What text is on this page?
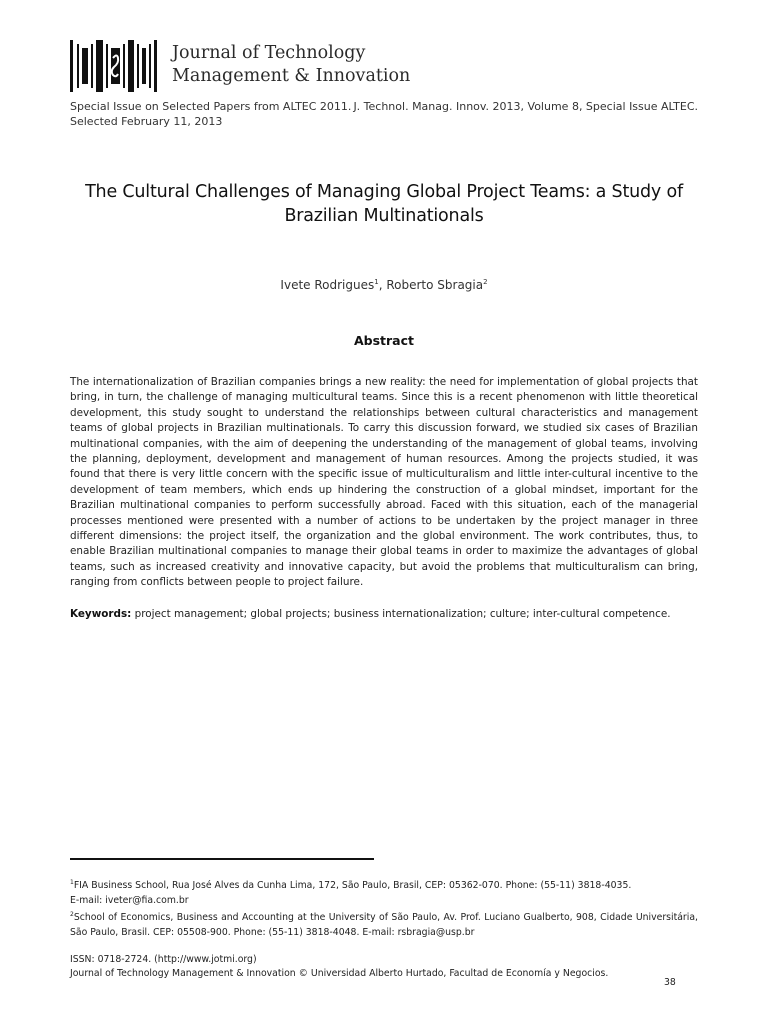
Journal of Technology
Management & Innovation
Special Issue on Selected Papers from ALTEC 2011.
Selected February 11, 2013
J. Technol. Manag. Innov. 2013, Volume 8, Special Issue ALTEC.
The Cultural Challenges of Managing Global Project Teams: a Study of
Brazilian Multinationals
Ivete Rodrigues$^1$, Roberto Sbragia$^2$
Abstract
The internationalization of Brazilian companies brings a new reality: the need for implementation of global projects that bring, in turn, the challenge of managing multicultural teams. Since this is a recent phenomenon with little theoretical development, this study sought to understand the relationships between cultural characteristics and management teams of global projects in Brazilian multinationals. To carry this discussion forward, we studied six cases of Brazilian multinational companies, with the aim of deepening the understanding of the management of global teams, involving the planning, deployment, development and management of human resources. Among the projects studied, it was found that there is very little concern with the specific issue of multiculturalism and little inter-cultural incentive to the development of team members, which ends up hindering the construction of a global mindset, important for the Brazilian multinational companies to perform successfully abroad. Faced with this situation, each of the managerial processes mentioned were presented with a number of actions to be undertaken by the project manager in three different dimensions: the project itself, the organization and the global environment. The work contributes, thus, to enable Brazilian multinational companies to manage their global teams in order to maximize the advantages of global teams, such as increased creativity and innovative capacity, but avoid the problems that multiculturalism can bring, ranging from conflicts between people to project failure.
Keywords: project management; global projects; business internationalization; culture; inter-cultural competence.
$^1$FIA Business School, Rua José Alves da Cunha Lima, 172, São Paulo, Brasil, CEP: 05362-070. Phone: (55-11) 3818-4035.
E-mail: iveter@fia.com.br
$^2$School of Economics, Business and Accounting at the University of São Paulo, Av. Prof. Luciano Gualberto, 908, Cidade Universitária, São Paulo, Brasil. CEP: 05508-900. Phone: (55-11) 3818-4048. E-mail: rsbragia@usp.br
ISSN: 0718-2724. (http://www.jotmi.org)
Journal of Technology Management & Innovation © Universidad Alberto Hurtado, Facultad de Economía y Negocios.
38
